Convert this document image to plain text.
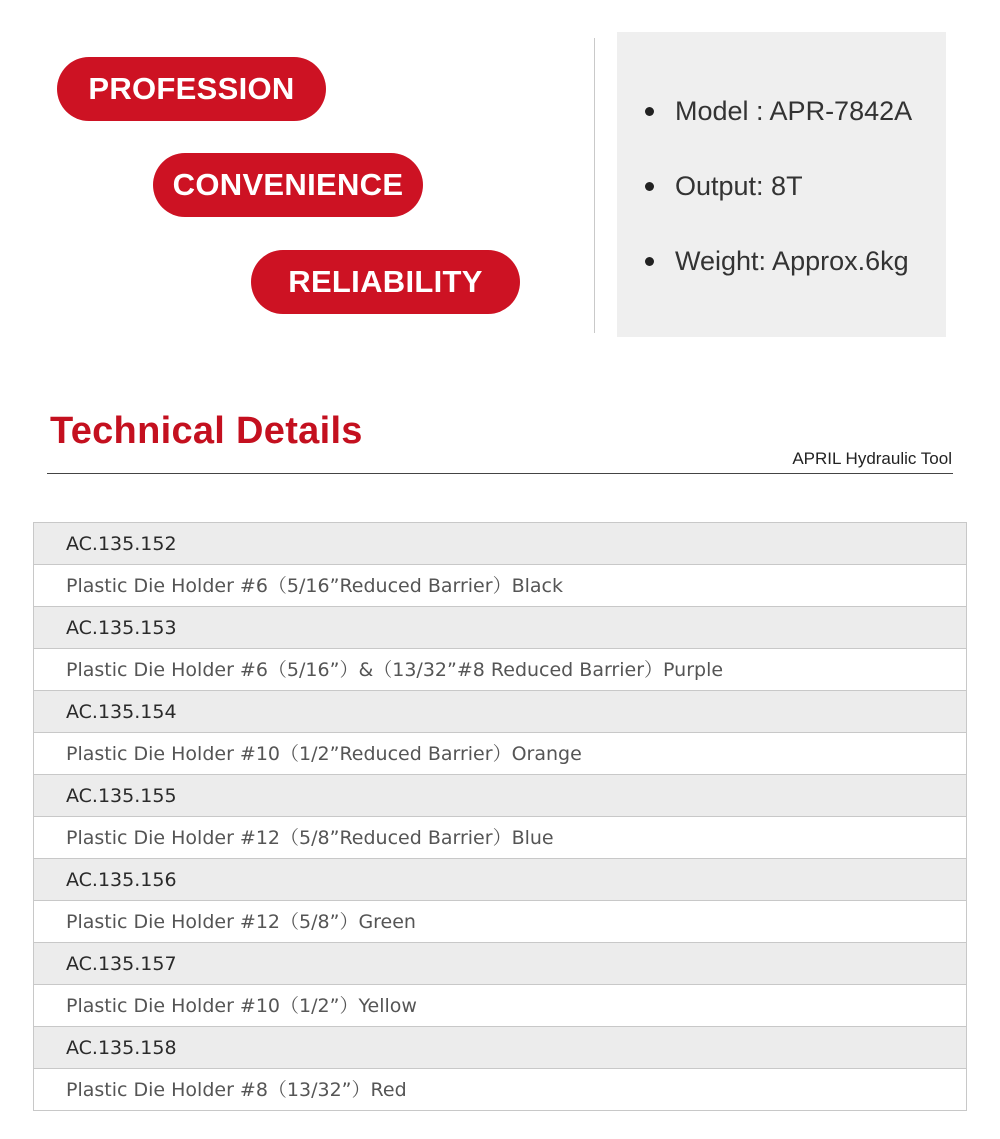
PROFESSION
CONVENIENCE
RELIABILITY
Model : APR-7842A
Output: 8T
Weight: Approx.6kg
Technical Details
APRIL Hydraulic Tool
AC.135.152
Plastic Die Holder #6（5/16”Reduced Barrier）Black
AC.135.153
Plastic Die Holder #6（5/16”）&（13/32”#8 Reduced Barrier）Purple
AC.135.154
Plastic Die Holder #10（1/2”Reduced Barrier）Orange
AC.135.155
Plastic Die Holder #12（5/8”Reduced Barrier）Blue
AC.135.156
Plastic Die Holder #12（5/8”）Green
AC.135.157
Plastic Die Holder #10（1/2”）Yellow
AC.135.158
Plastic Die Holder #8（13/32”）Red
